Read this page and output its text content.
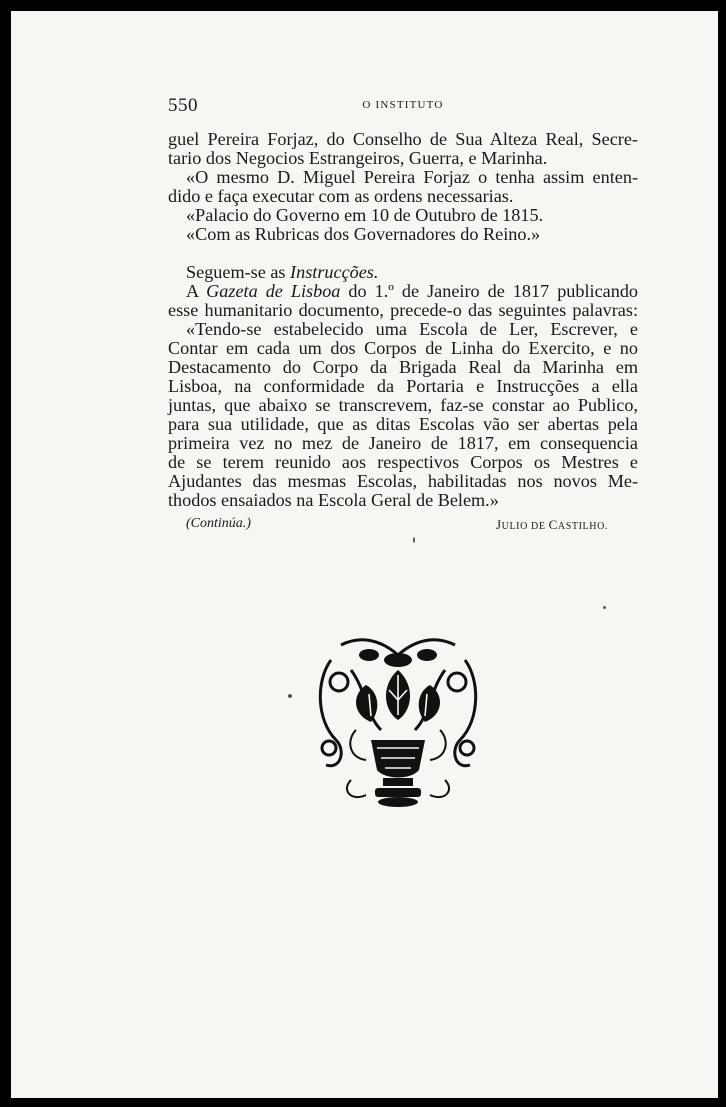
550	O INSTITUTO
guel Pereira Forjaz, do Conselho de Sua Alteza Real, Secre-
tario dos Negocios Estrangeiros, Guerra, e Marinha.
«O mesmo D. Miguel Pereira Forjaz o tenha assim enten-
dido e faça executar com as ordens necessarias.
«Palacio do Governo em 10 de Outubro de 1815.
«Com as Rubricas dos Governadores do Reino.»
Seguem-se as Instrucções.
A Gazeta de Lisboa do 1.º de Janeiro de 1817 publicando
esse humanitario documento, precede-o das seguintes palavras:
«Tendo-se estabelecido uma Escola de Ler, Escrever, e
Contar em cada um dos Corpos de Linha do Exercito, e no
Destacamento do Corpo da Brigada Real da Marinha em
Lisboa, na conformidade da Portaria e Instrucções a ella
juntas, que abaixo se transcrevem, faz-se constar ao Publico,
para sua utilidade, que as ditas Escolas vão ser abertas pela
primeira vez no mez de Janeiro de 1817, em consequencia
de se terem reunido aos respectivos Corpos os Mestres e
Ajudantes das mesmas Escolas, habilitadas nos novos Me-
thodos ensaiados na Escola Geral de Belem.»
(Continúa.)	JULIO DE CASTILHO.
